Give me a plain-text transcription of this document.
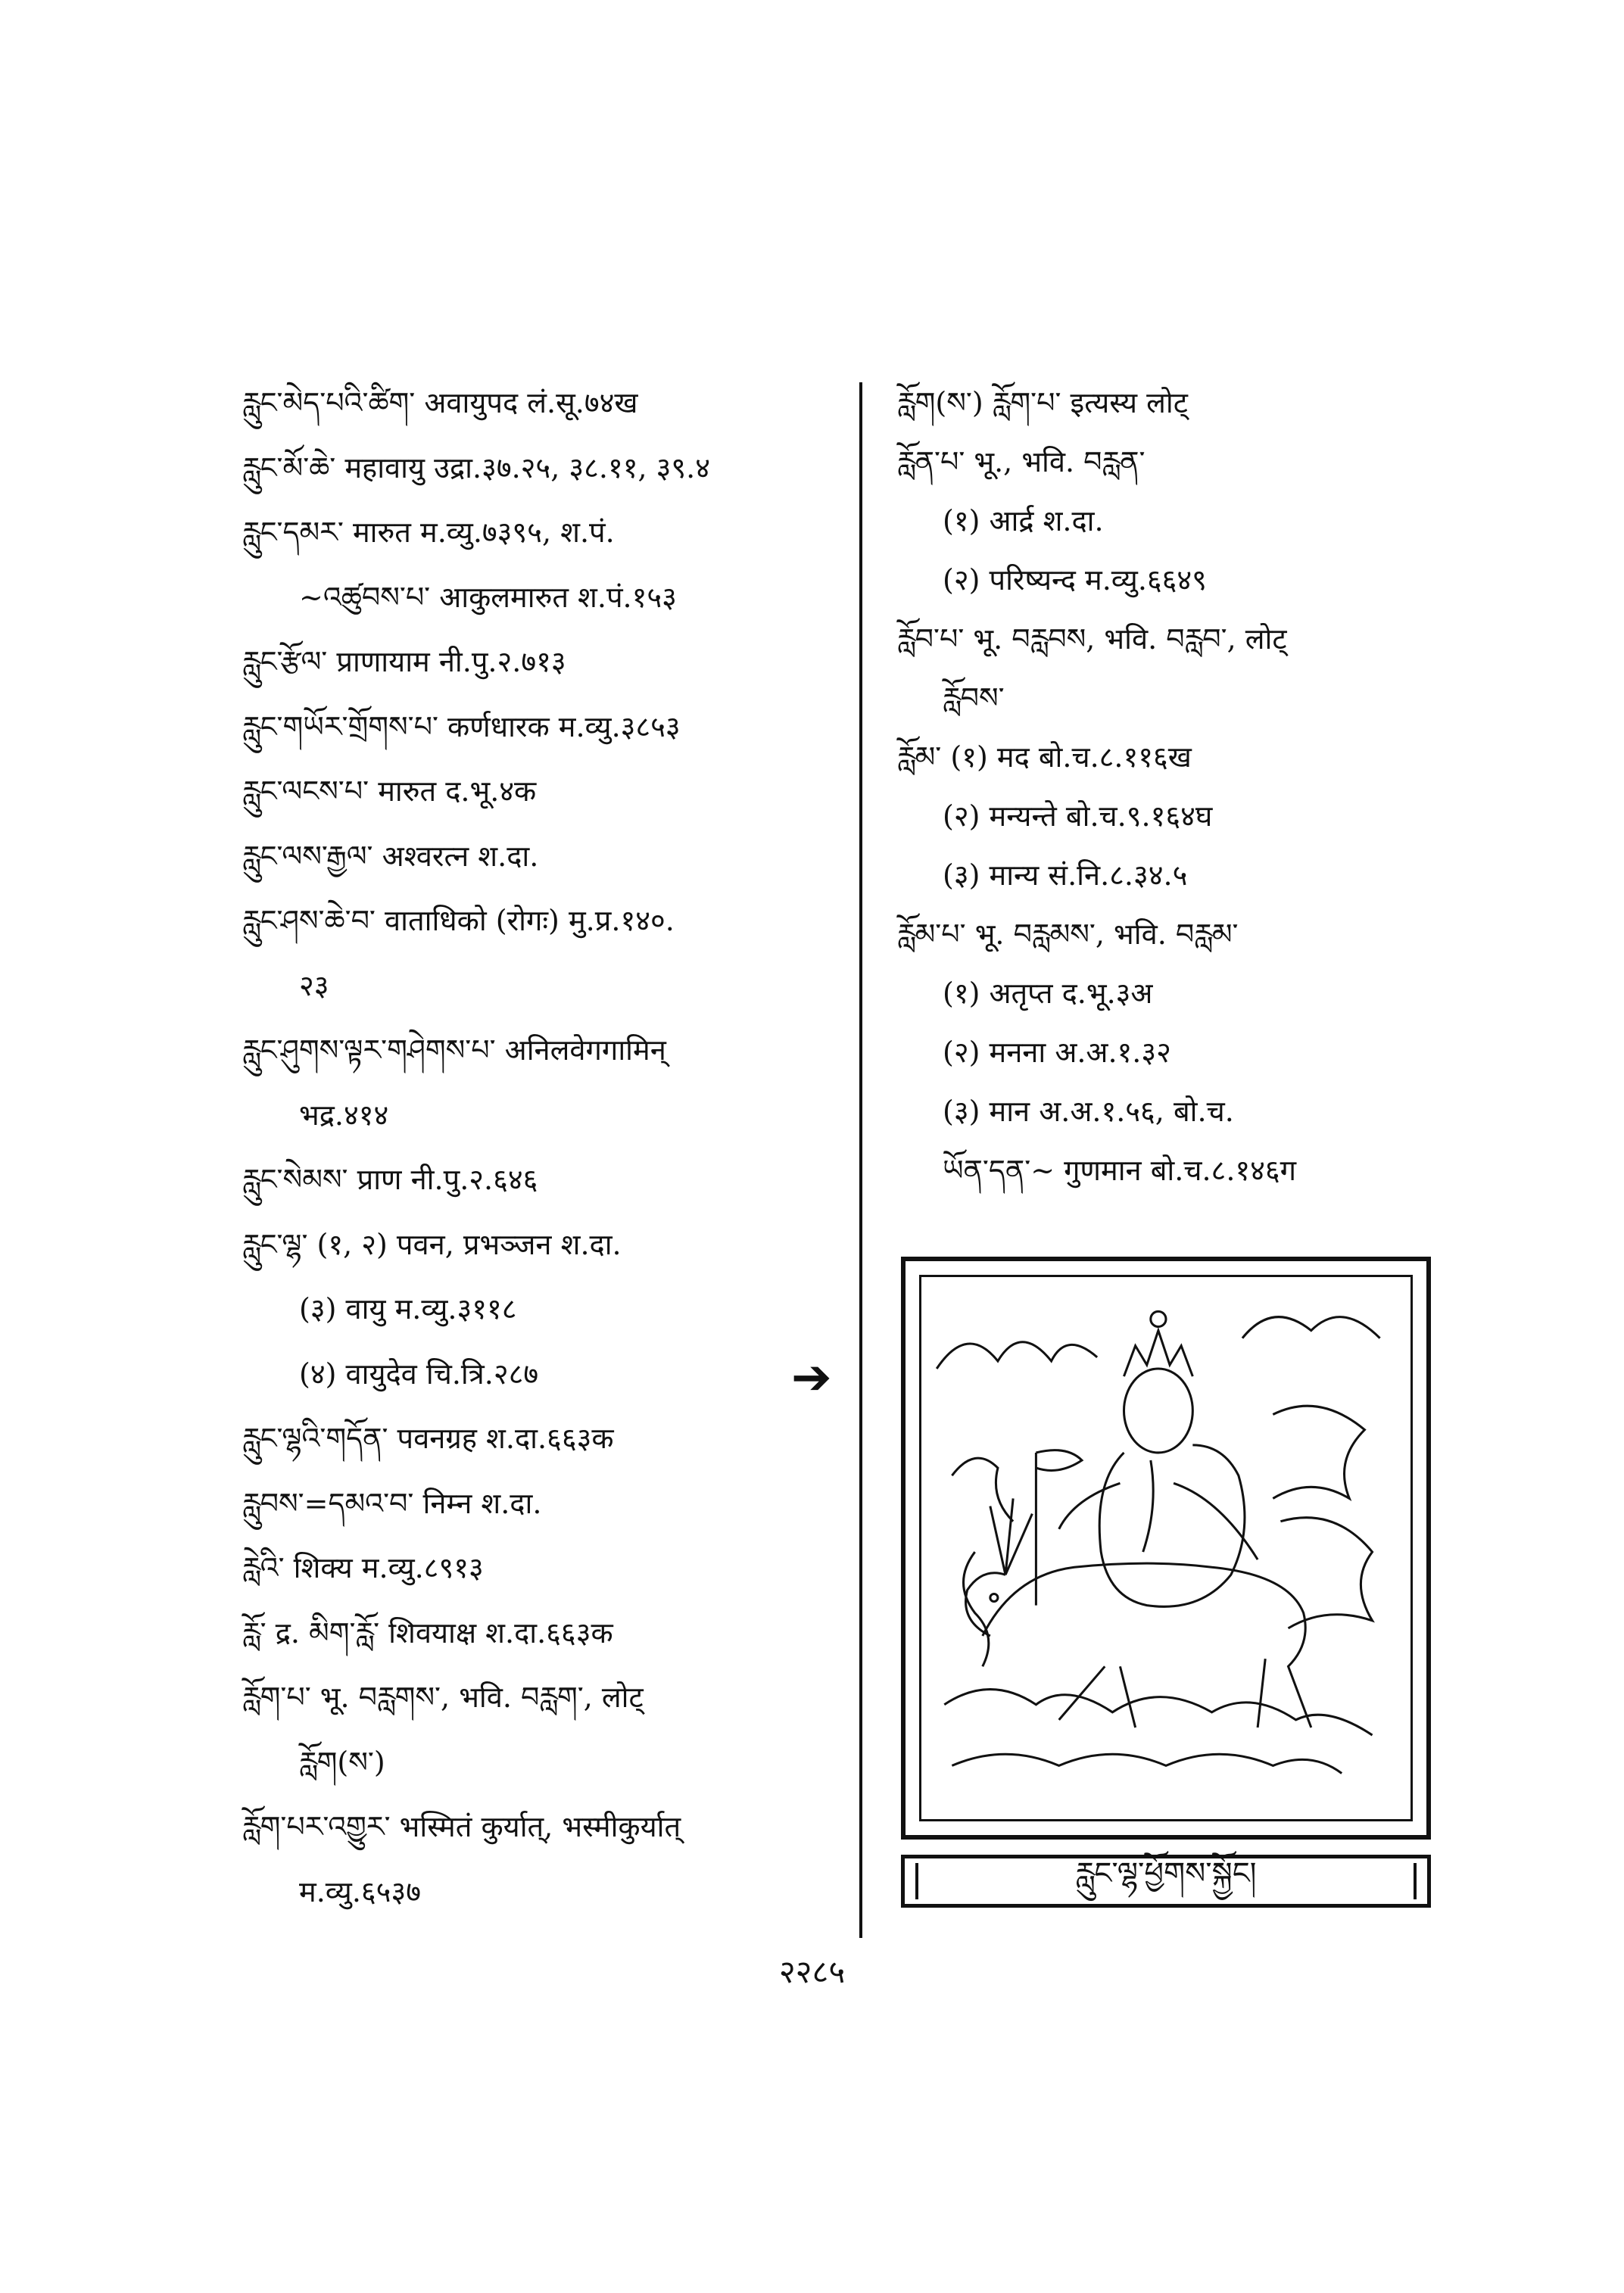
རླུང་མེད་པའི་ཚིག་ अवायुपद लं.सू.७४ख
རླུང་མོ་ཆེ་ महावायु उद्रा.३७.२५, ३८.११, ३९.४
རླུང་དམར་ मारुत म.व्यु.७३९५, श.पं.
~འཚུབས་པ་ आकुलमारुत श.पं.१५३
རླུང་རྩོལ་ प्राणायाम नी.पु.२.७१३
རླུང་གཡོར་གྲོགས་པ་ कर्णधारक म.व्यु.३८५३
རླུང་ལངས་པ་ मारुत द.भू.४क
རླུང་ལས་རྒྱལ་ अश्वरत्न श.दा.
རླུང་ཤས་ཆེ་བ་ वाताधिको (रोगः) मु.प्र.१४०.
२३
རླུང་ཤུགས་ལྟར་གཤེགས་པ་ अनिलवेगगामिन्
भद्र.४१४
རླུང་སེམས་ प्राण नी.पु.२.६४६
རླུང་ལྷ་ (१, २) पवन, प्रभञ्जन श.दा.
(३) वायु म.व्यु.३११८
(४) वायुदेव चि.त्रि.२८७
རླུང་ལྷའི་གདོན་ पवनग्रह श.दा.६६३क
རླུབས་=དམའ་བ་ निम्न श.दा.
རླེའི་ शिक्य म.व्यु.८९१३
རློ་ द्र. མིག་རློ་ शिवयाक्ष श.दा.६६३क
རློག་པ་ भू. བརླགས་, भवि. བརླག་, लोट्
རློག(ས་)
རློག་པར་འགྱུར་ भस्मितं कुर्यात्, भस्मीकुर्यात्
म.व्यु.६५३७
རློག(ས་) རློག་པ་ इत्यस्य लोट्
རློན་པ་ भू., भवि. བརླན་
(१) आर्द्र श.दा.
(२) परिष्यन्द म.व्यु.६६४९
རློབ་པ་ भू. བརླབས, भवि. བརླབ་, लोट्
རློབས་
རློམ་ (१) मद बो.च.८.११६ख
(२) मन्यन्ते बो.च.९.१६४घ
(३) मान्य सं.नि.८.३४.५
རློམ་པ་ भू. བརླམས་, भवि. བརླམ་
(१) अतृप्त द.भू.३अ
(२) मनना अ.अ.१.३२
(३) मान अ.अ.१.५६, बो.च.
ཡོན་དན་~ गुणमान बो.च.८.१४६ग
➔
རླུང་ལྷ་ཕྱོགས་སྐྱོང།
२२८५
